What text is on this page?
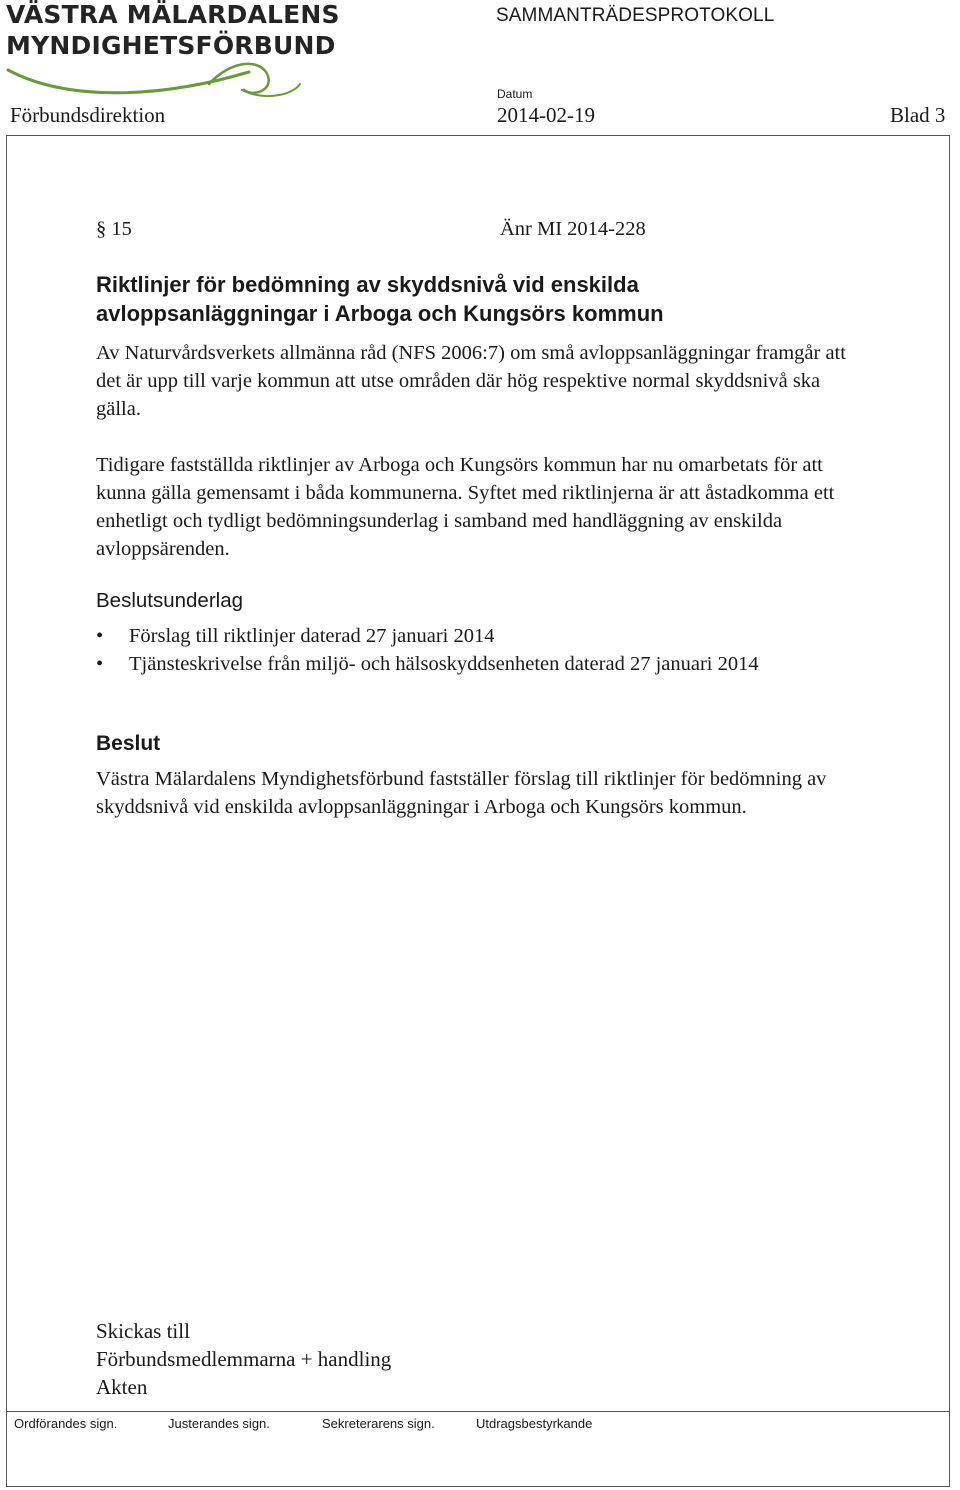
VÄSTRA MÄLARDALENS
MYNDIGHETSFÖRBUND
SAMMANTRÄDESPROTOKOLL
Förbundsdirektion
Datum
2014-02-19	Blad 3
§ 15	Änr MI 2014-228
Riktlinjer för bedömning av skyddsnivå vid enskilda avloppsanläggningar i Arboga och Kungsörs kommun
Av Naturvårdsverkets allmänna råd (NFS 2006:7) om små avloppsanläggningar framgår att det är upp till varje kommun att utse områden där hög respektive normal skyddsnivå ska gälla.
Tidigare fastställda riktlinjer av Arboga och Kungsörs kommun har nu omarbetats för att kunna gälla gemensamt i båda kommunerna. Syftet med riktlinjerna är att åstadkomma ett enhetligt och tydligt bedömningsunderlag i samband med handläggning av enskilda avloppsärenden.
Beslutsunderlag
• Förslag till riktlinjer daterad 27 januari 2014
• Tjänsteskrivelse från miljö- och hälsoskyddsenheten daterad 27 januari 2014
Beslut
Västra Mälardalens Myndighetsförbund fastställer förslag till riktlinjer för bedömning av skyddsnivå vid enskilda avloppsanläggningar i Arboga och Kungsörs kommun.
Skickas till
Förbundsmedlemmarna + handling
Akten
Ordförandes sign.	Justerandes sign.	Sekreterarens sign.	Utdragsbestyrkande
